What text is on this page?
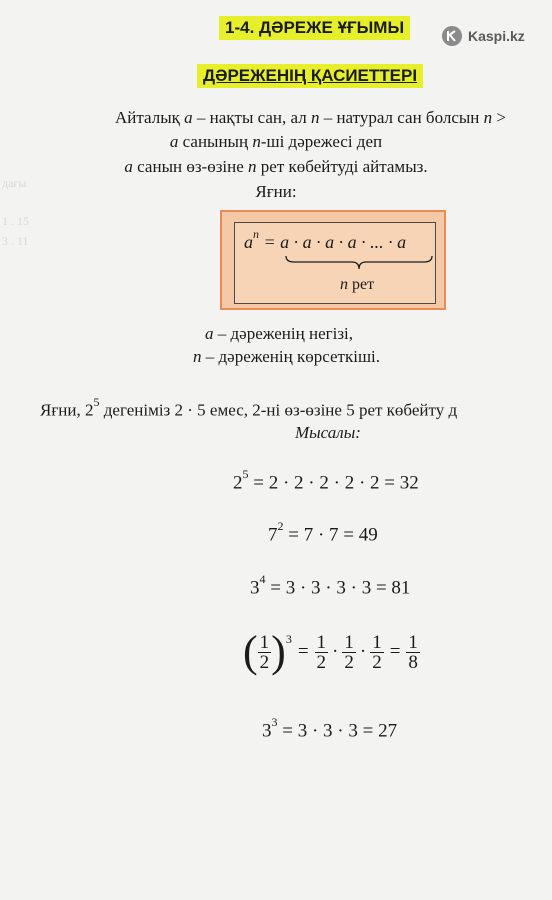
дағы
1 . 15
3 . 11
1-4. ДӘРЕЖЕ ҰҒЫМЫ	Kaspi.kz
ДӘРЕЖЕНІҢ ҚАСИЕТТЕРІ
Айталық a – нақты сан, ал n – натурал сан болсын n >
a санының n-ші дәрежесі деп
a санын өз-өзіне n рет көбейтуді айтамыз.
Яғни:
$a^n = a \cdot a \cdot a \cdot a$ · ... · a
n рет
a – дәреженің негізі,
n – дәреженің көрсеткіші.
Яғни, $2^5$ дегеніміз 2 · 5 емес, 2-ні өз-өзіне 5 рет көбейту д
Мысалы:
$2^5 = 2 \cdot 2 \cdot 2 \cdot 2 \cdot 2 = 32$
$7^2 = 7 \cdot 7 = 49$
$3^4 = 3 \cdot 3 \cdot 3 \cdot 3 = 81$
( $\frac{1}{2} )^3$
= $\frac{1}{2} \cdot \frac{1}{2} \cdot \frac{1}{2} = \frac{1}{8}$
$3^3 = 3 \cdot 3 \cdot 3 = 27$
